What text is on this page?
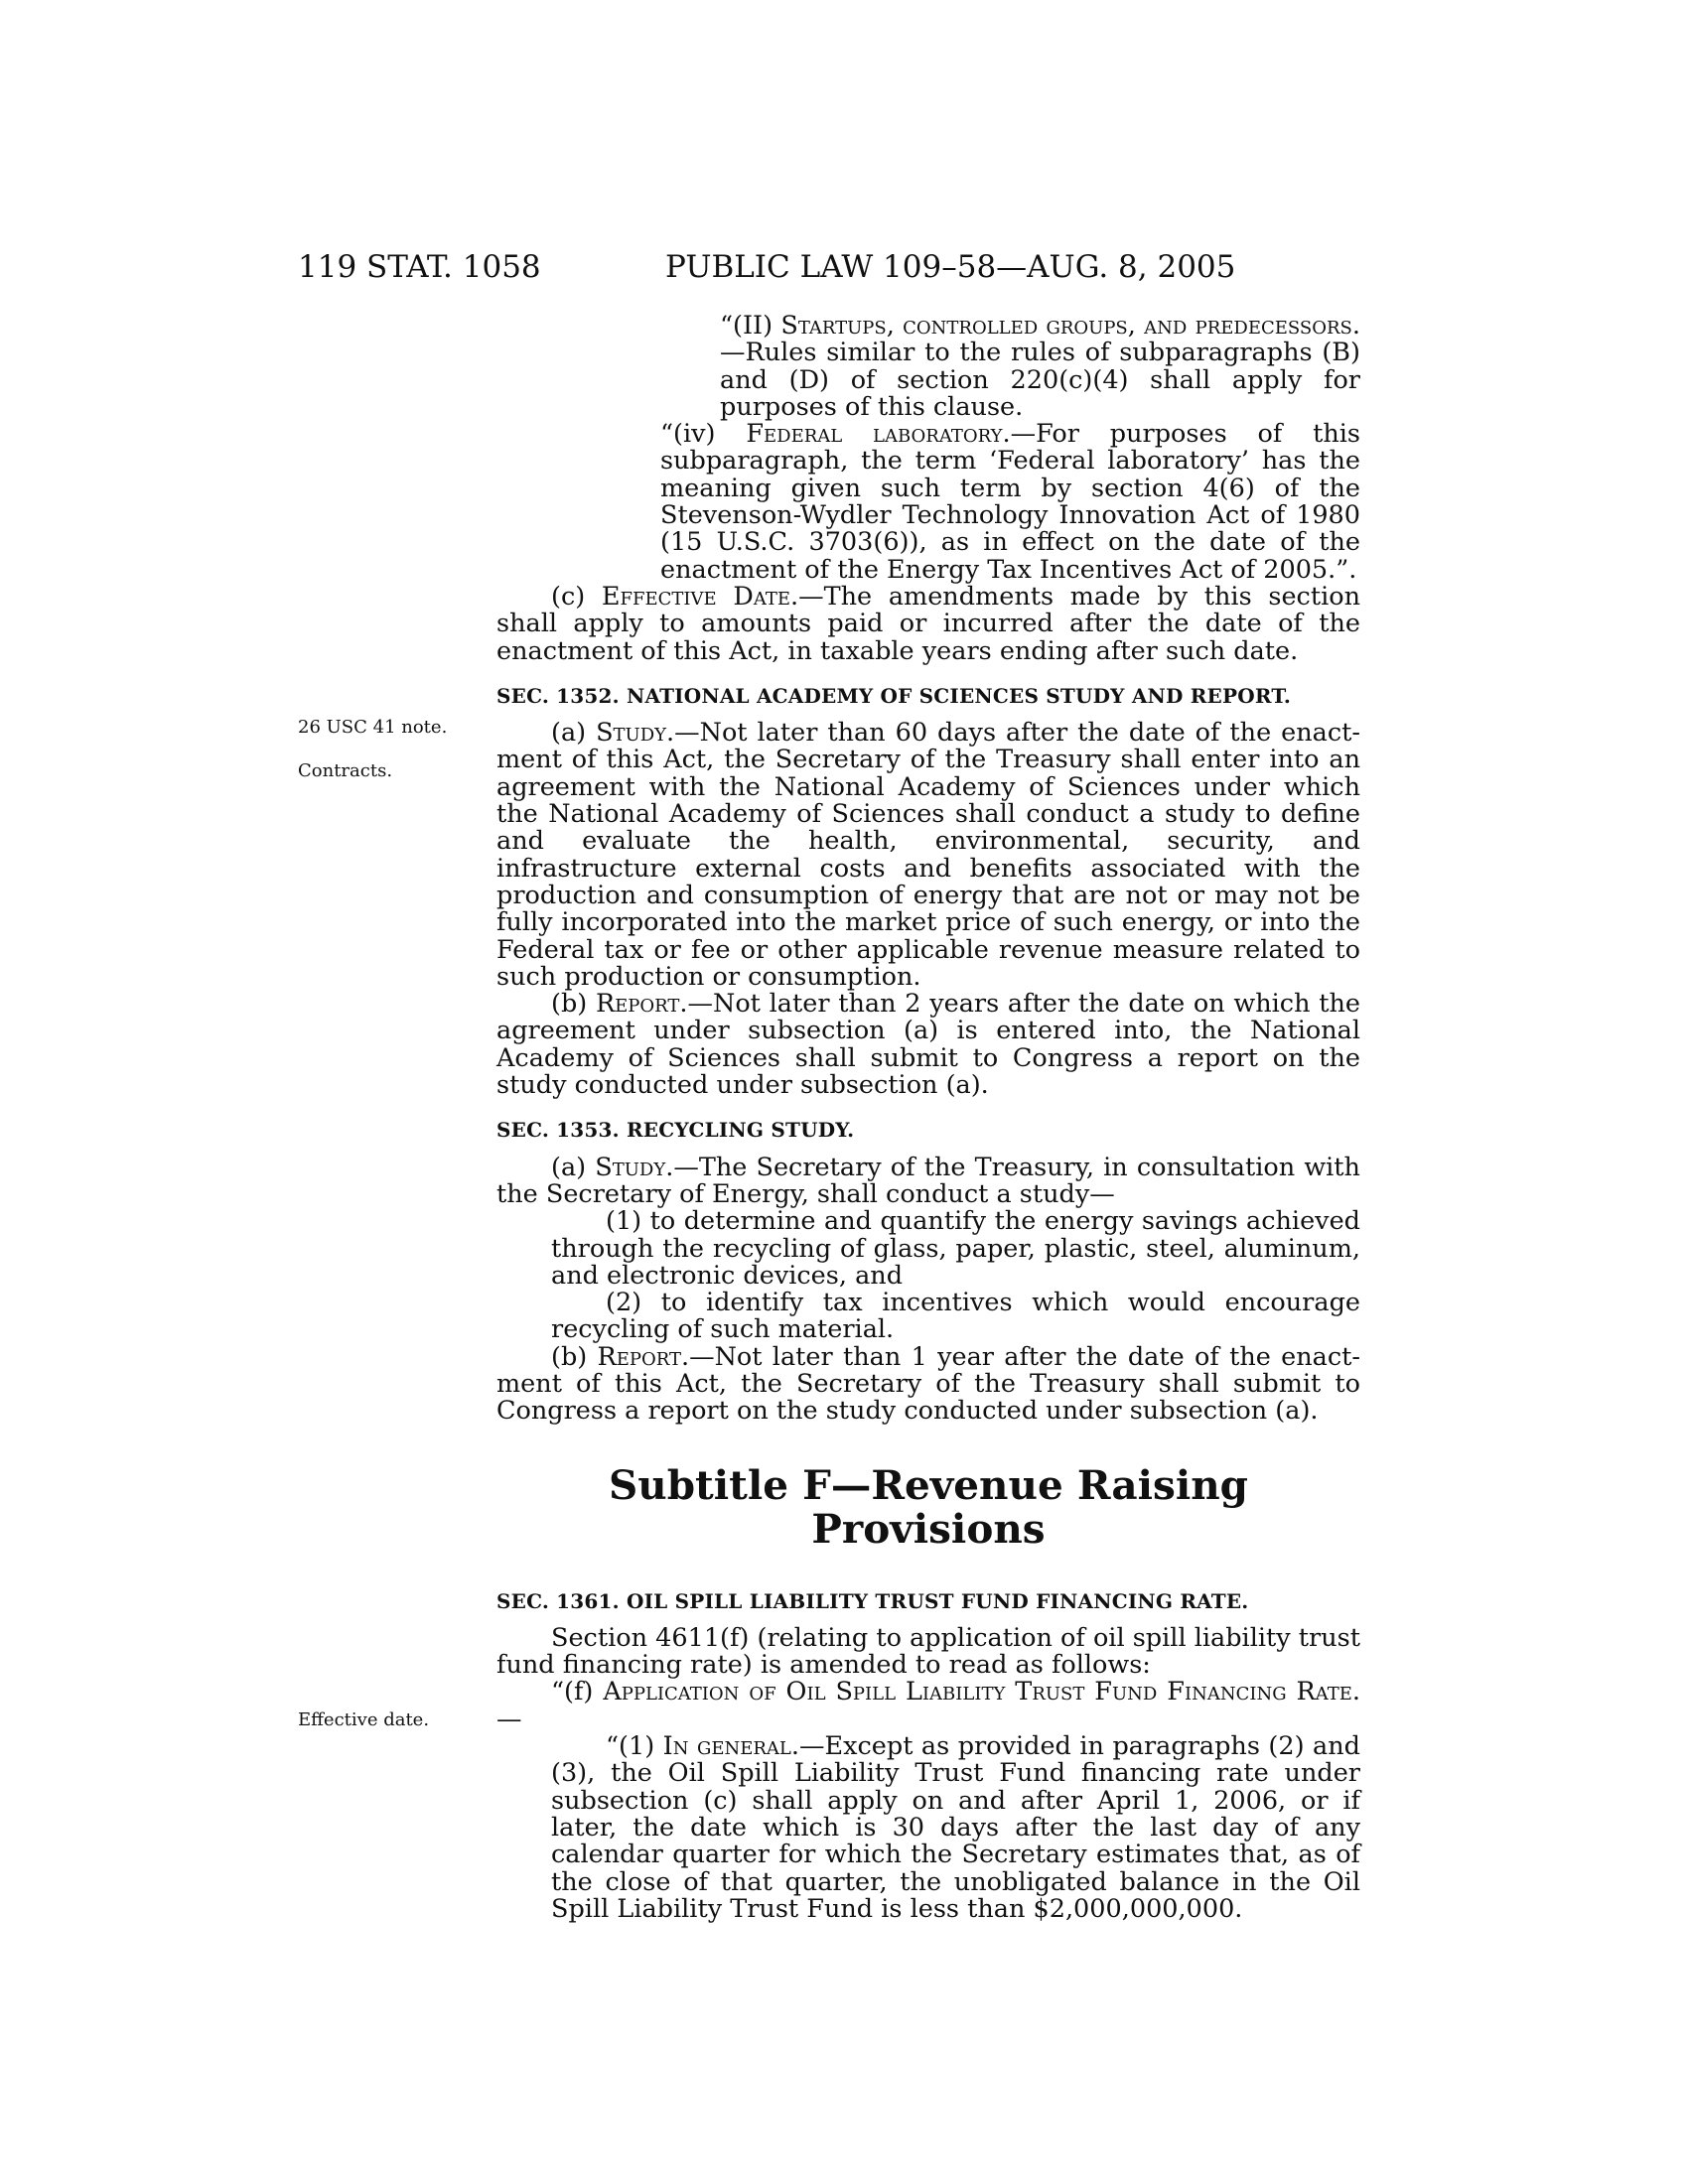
119 STAT. 1058	PUBLIC LAW 109–58—AUG. 8, 2005
26 USC 41 note.
Contracts.
Effective date.

“(II) Startups, controlled groups, and predecessors.—Rules similar to the rules of subparagraphs (B) and (D) of section 220(c)(4) shall apply for purposes of this clause.

“(iv) Federal laboratory.—For purposes of this subparagraph, the term ‘Federal laboratory’ has the meaning given such term by section 4(6) of the Stevenson-Wydler Technology Innovation Act of 1980 (15 U.S.C. 3703(6)), as in effect on the date of the enactment of the Energy Tax Incentives Act of 2005.”.

(c) Effective Date.—The amendments made by this section shall apply to amounts paid or incurred after the date of the enactment of this Act, in taxable years ending after such date.

SEC. 1352. NATIONAL ACADEMY OF SCIENCES STUDY AND REPORT.

(a) Study.—Not later than 60 days after the date of the enactment of this Act, the Secretary of the Treasury shall enter into an agreement with the National Academy of Sciences under which the National Academy of Sciences shall conduct a study to define and evaluate the health, environmental, security, and infrastructure external costs and benefits associated with the production and consumption of energy that are not or may not be fully incorporated into the market price of such energy, or into the Federal tax or fee or other applicable revenue measure related to such production or consumption.

(b) Report.—Not later than 2 years after the date on which the agreement under subsection (a) is entered into, the National Academy of Sciences shall submit to Congress a report on the study conducted under subsection (a).

SEC. 1353. RECYCLING STUDY.

(a) Study.—The Secretary of the Treasury, in consultation with the Secretary of Energy, shall conduct a study—

(1) to determine and quantify the energy savings achieved through the recycling of glass, paper, plastic, steel, aluminum, and electronic devices, and

(2) to identify tax incentives which would encourage recycling of such material.

(b) Report.—Not later than 1 year after the date of the enactment of this Act, the Secretary of the Treasury shall submit to Congress a report on the study conducted under subsection (a).

Subtitle F—Revenue Raising Provisions

SEC. 1361. OIL SPILL LIABILITY TRUST FUND FINANCING RATE.

Section 4611(f) (relating to application of oil spill liability trust fund financing rate) is amended to read as follows:

“(f) Application of Oil Spill Liability Trust Fund Financing Rate.—

“(1) In general.—Except as provided in paragraphs (2) and (3), the Oil Spill Liability Trust Fund financing rate under subsection (c) shall apply on and after April 1, 2006, or if later, the date which is 30 days after the last day of any calendar quarter for which the Secretary estimates that, as of the close of that quarter, the unobligated balance in the Oil Spill Liability Trust Fund is less than $2,000,000,000.
